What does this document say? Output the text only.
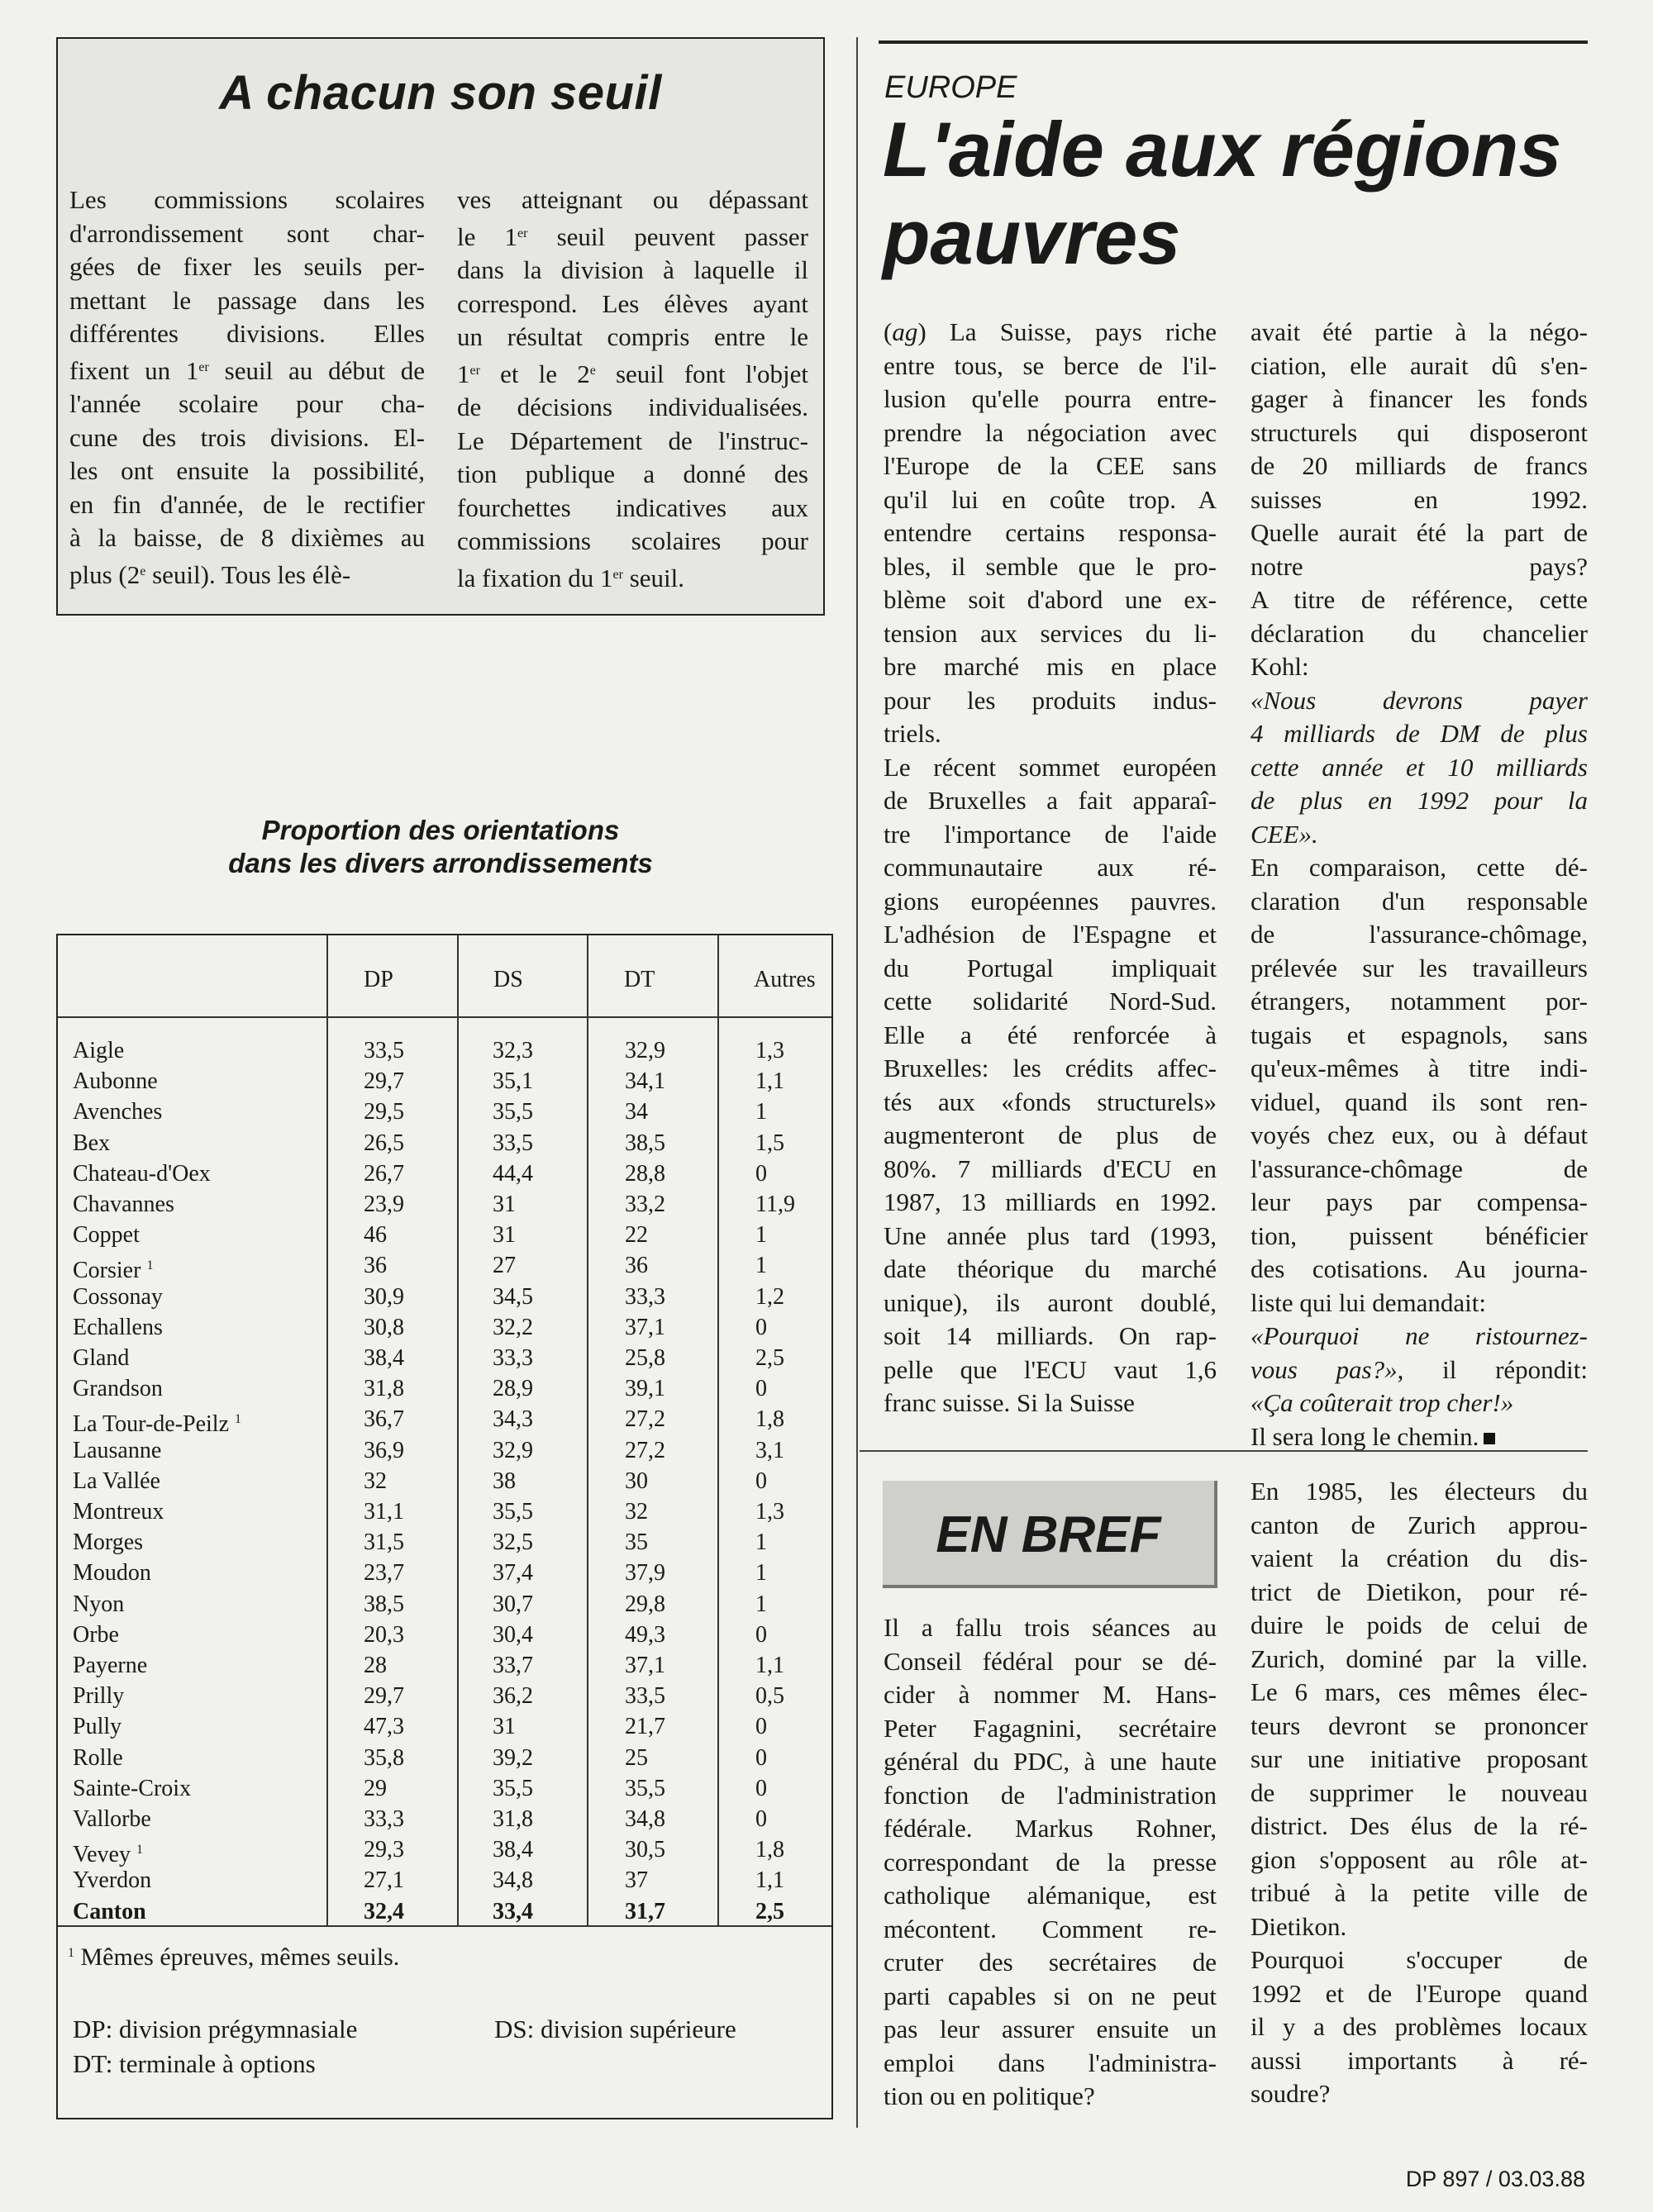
A chacun son seuil
Les commissions scolaires
d'arrondissement sont char-
gées de fixer les seuils per-
mettant le passage dans les
différentes divisions. Elles
fixent un 1er seuil au début de
l'année scolaire pour cha-
cune des trois divisions. El-
les ont ensuite la possibilité,
en fin d'année, de le rectifier
à la baisse, de 8 dixièmes au
plus (2e seuil). Tous les élè-
ves atteignant ou dépassant
le 1er seuil peuvent passer
dans la division à laquelle il
correspond. Les élèves ayant
un résultat compris entre le
1er et le 2e seuil font l'objet
de décisions individualisées.
Le Département de l'instruc-
tion publique a donné des
fourchettes indicatives aux
commissions scolaires pour
la fixation du 1er seuil.
Proportion des orientations
dans les divers arrondissements
DP	DS	DT	Autres
Aigle	33,5	32,3	32,9	1,3
Aubonne	29,7	35,1	34,1	1,1
Avenches	29,5	35,5	34	1
Bex	26,5	33,5	38,5	1,5
Chateau-d'Oex	26,7	44,4	28,8	0
Chavannes	23,9	31	33,2	11,9
Coppet	46	31	22	1
Corsier $^1$	36	27	36	1
Cossonay	30,9	34,5	33,3	1,2
Echallens	30,8	32,2	37,1	0
Gland	38,4	33,3	25,8	2,5
Grandson	31,8	28,9	39,1	0
La Tour-de-Peilz $^1$	36,7	34,3	27,2	1,8
Lausanne	36,9	32,9	27,2	3,1
La Vallée	32	38	30	0
Montreux	31,1	35,5	32	1,3
Morges	31,5	32,5	35	1
Moudon	23,7	37,4	37,9	1
Nyon	38,5	30,7	29,8	1
Orbe	20,3	30,4	49,3	0
Payerne	28	33,7	37,1	1,1
Prilly	29,7	36,2	33,5	0,5
Pully	47,3	31	21,7	0
Rolle	35,8	39,2	25	0
Sainte-Croix	29	35,5	35,5	0
Vallorbe	33,3	31,8	34,8	0
Vevey $^1$	29,3	38,4	30,5	1,8
Yverdon	27,1	34,8	37	1,1
Canton	32,4	33,4	31,7	2,5
$^1$ Mêmes épreuves, mêmes seuils.
DP: division prégymnasiale	DS: division supérieure
DT: terminale à options
EUROPE
L'aide aux régions
pauvres
(ag) La Suisse, pays riche
entre tous, se berce de l'il-
lusion qu'elle pourra entre-
prendre la négociation avec
l'Europe de la CEE sans
qu'il lui en coûte trop. A
entendre certains responsa-
bles, il semble que le pro-
blème soit d'abord une ex-
tension aux services du li-
bre marché mis en place
pour les produits indus-
triels.
Le récent sommet européen
de Bruxelles a fait apparaî-
tre l'importance de l'aide
communautaire aux ré-
gions européennes pauvres.
L'adhésion de l'Espagne et
du Portugal impliquait
cette solidarité Nord-Sud.
Elle a été renforcée à
Bruxelles: les crédits affec-
tés aux «fonds structurels»
augmenteront de plus de
80%. 7 milliards d'ECU en
1987, 13 milliards en 1992.
Une année plus tard (1993,
date théorique du marché
unique), ils auront doublé,
soit 14 milliards. On rap-
pelle que l'ECU vaut 1,6
franc suisse. Si la Suisse
avait été partie à la négo-
ciation, elle aurait dû s'en-
gager à financer les fonds
structurels qui disposeront
de 20 milliards de francs
suisses en 1992.
Quelle aurait été la part de
notre pays?
A titre de référence, cette
déclaration du chancelier
Kohl:
«Nous devrons payer
4 milliards de DM de plus
cette année et 10 milliards
de plus en 1992 pour la
CEE».
En comparaison, cette dé-
claration d'un responsable
de l'assurance-chômage,
prélevée sur les travailleurs
étrangers, notamment por-
tugais et espagnols, sans
qu'eux-mêmes à titre indi-
viduel, quand ils sont ren-
voyés chez eux, ou à défaut
l'assurance-chômage de
leur pays par compensa-
tion, puissent bénéficier
des cotisations. Au journa-
liste qui lui demandait:
«Pourquoi ne ristournez-
vous pas?», il répondit:
«Ça coûterait trop cher!»
Il sera long le chemin.
EN BREF
Il a fallu trois séances au
Conseil fédéral pour se dé-
cider à nommer M. Hans-
Peter Fagagnini, secrétaire
général du PDC, à une haute
fonction de l'administration
fédérale. Markus Rohner,
correspondant de la presse
catholique alémanique, est
mécontent. Comment re-
cruter des secrétaires de
parti capables si on ne peut
pas leur assurer ensuite un
emploi dans l'administra-
tion ou en politique?
En 1985, les électeurs du
canton de Zurich approu-
vaient la création du dis-
trict de Dietikon, pour ré-
duire le poids de celui de
Zurich, dominé par la ville.
Le 6 mars, ces mêmes élec-
teurs devront se prononcer
sur une initiative proposant
de supprimer le nouveau
district. Des élus de la ré-
gion s'opposent au rôle at-
tribué à la petite ville de
Dietikon.
Pourquoi s'occuper de
1992 et de l'Europe quand
il y a des problèmes locaux
aussi importants à ré-
soudre?
DP 897 / 03.03.88
